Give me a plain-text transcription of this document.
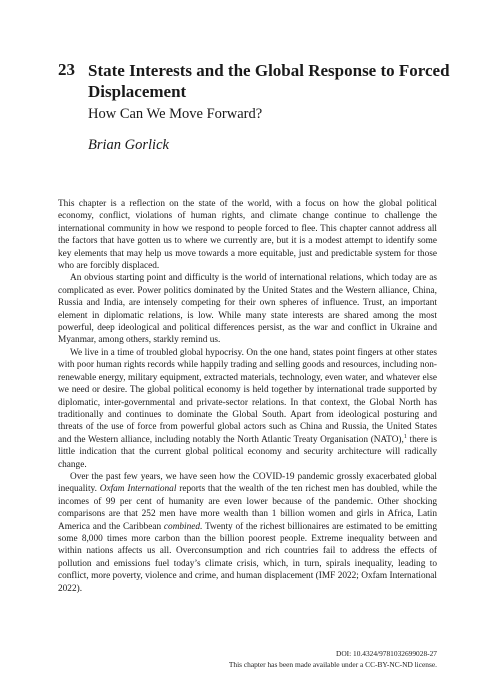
23 State Interests and the Global Response to Forced Displacement
How Can We Move Forward?
Brian Gorlick

This chapter is a reflection on the state of the world, with a focus on how the global political economy, conflict, violations of human rights, and climate change continue to challenge the international community in how we respond to people forced to flee. This chapter cannot address all the factors that have gotten us to where we currently are, but it is a modest attempt to identify some key elements that may help us move towards a more equitable, just and predictable system for those who are forcibly displaced.

An obvious starting point and difficulty is the world of international relations, which today are as complicated as ever. Power politics dominated by the United States and the Western alliance, China, Russia and India, are intensely competing for their own spheres of influence. Trust, an important element in diplomatic relations, is low. While many state interests are shared among the most powerful, deep ideological and political differences persist, as the war and conflict in Ukraine and Myanmar, among others, starkly remind us.

We live in a time of troubled global hypocrisy. On the one hand, states point fingers at other states with poor human rights records while happily trading and selling goods and resources, including non-renewable energy, military equipment, extracted materials, technology, even water, and whatever else we need or desire. The global political economy is held together by international trade supported by diplomatic, inter-governmental and private-sector relations. In that context, the Global North has traditionally and continues to dominate the Global South. Apart from ideological posturing and threats of the use of force from powerful global actors such as China and Russia, the United States and the Western alliance, including notably the North Atlantic Treaty Organisation (NATO),$^1$ there is little indication that the current global political economy and security architecture will radically change.

Over the past few years, we have seen how the COVID-19 pandemic grossly exacerbated global inequality. Oxfam International reports that the wealth of the ten richest men has doubled, while the incomes of 99 per cent of humanity are even lower because of the pandemic. Other shocking comparisons are that 252 men have more wealth than 1 billion women and girls in Africa, Latin America and the Caribbean combined. Twenty of the richest billionaires are estimated to be emitting some 8,000 times more carbon than the billion poorest people. Extreme inequality between and within nations affects us all. Overconsumption and rich countries fail to address the effects of pollution and emissions fuel today’s climate crisis, which, in turn, spirals inequality, leading to conflict, more poverty, violence and crime, and human displacement (IMF 2022; Oxfam International 2022).

DOI: 10.4324/9781032699028-27
This chapter has been made available under a CC-BY-NC-ND license.
